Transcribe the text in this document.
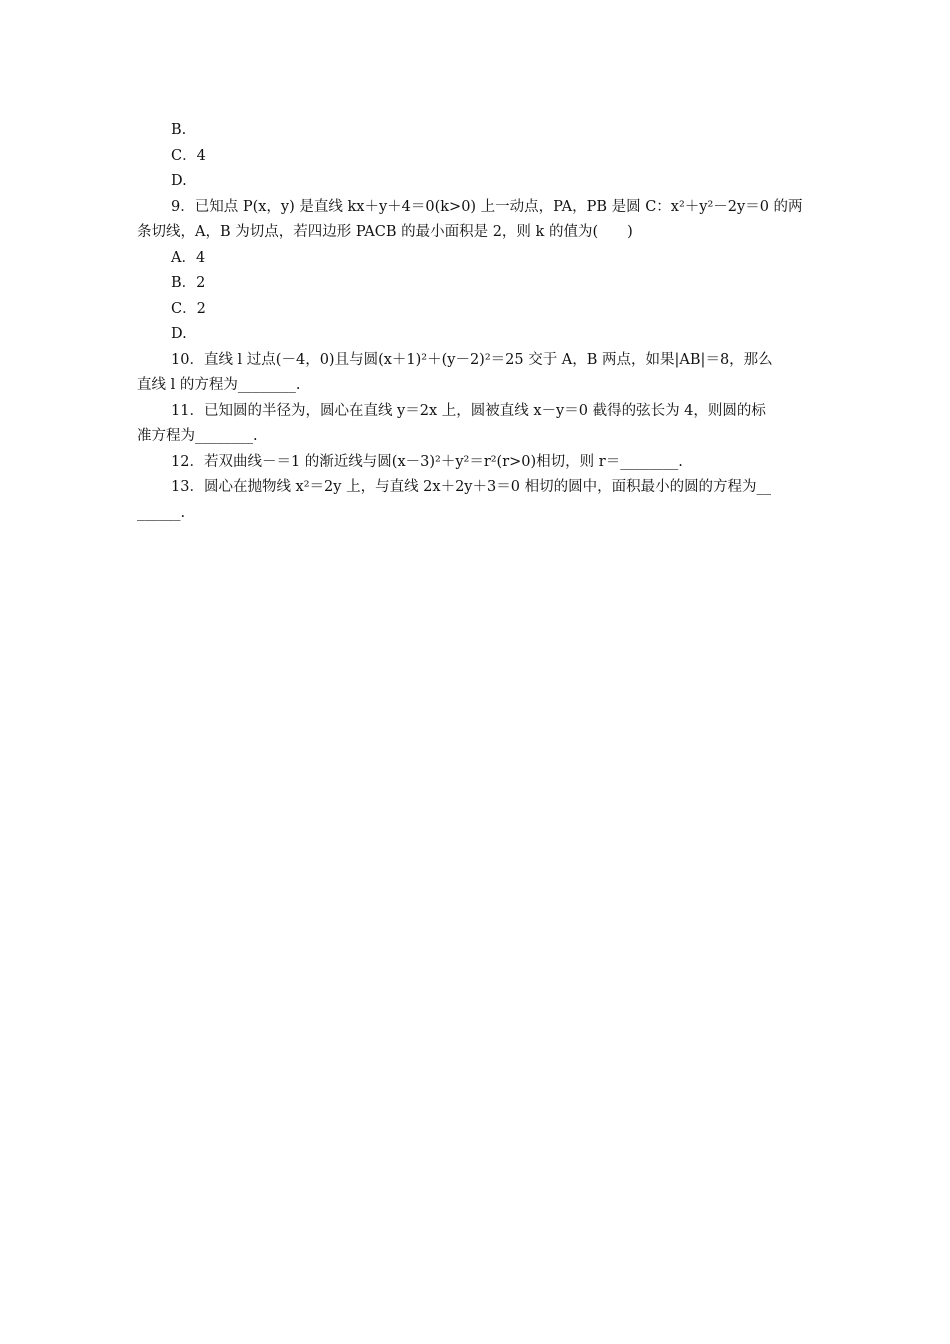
B.
C．4
D.
9．已知点 P(x，y) 是直线 kx＋y＋4＝0(k>0) 上一动点，PA，PB 是圆 C：x²＋y²－2y＝0 的两
条切线，A，B 为切点，若四边形 PACB 的最小面积是 2，则 k 的值为(　　)
A．4
B．2
C．2
D.
10．直线 l 过点(－4，0)且与圆(x＋1)²＋(y－2)²＝25 交于 A，B 两点，如果|AB|＝8，那么
直线 l 的方程为________.
11．已知圆的半径为，圆心在直线 y＝2x 上，圆被直线 x－y＝0 截得的弦长为 4，则圆的标
准方程为________.
12．若双曲线－＝1 的渐近线与圆(x－3)²＋y²＝r²(r>0)相切，则 r＝________.
13．圆心在抛物线 x²＝2y 上，与直线 2x＋2y＋3＝0 相切的圆中，面积最小的圆的方程为__
______.
